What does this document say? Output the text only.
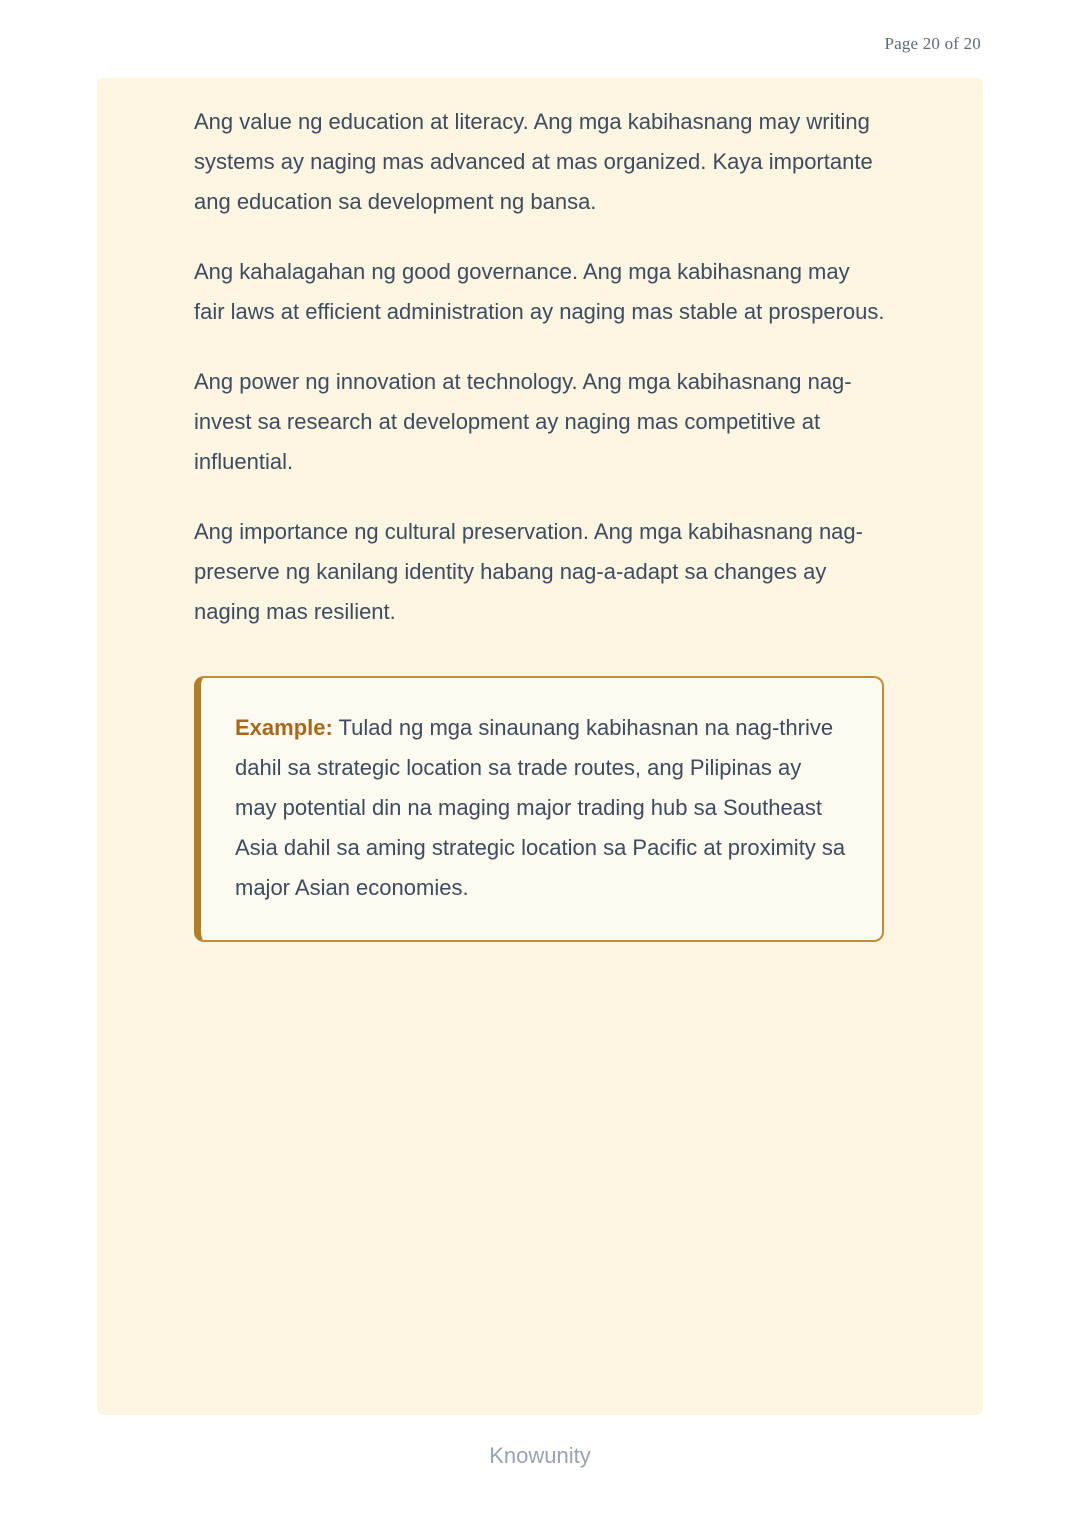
Page 20 of 20

Ang value ng education at literacy. Ang mga kabihasnang may writing systems ay naging mas advanced at mas organized. Kaya importante ang education sa development ng bansa.

Ang kahalagahan ng good governance. Ang mga kabihasnang may fair laws at efficient administration ay naging mas stable at prosperous.

Ang power ng innovation at technology. Ang mga kabihasnang nag-invest sa research at development ay naging mas competitive at influential.

Ang importance ng cultural preservation. Ang mga kabihasnang nag-preserve ng kanilang identity habang nag-a-adapt sa changes ay naging mas resilient.

Example: Tulad ng mga sinaunang kabihasnan na nag-thrive dahil sa strategic location sa trade routes, ang Pilipinas ay may potential din na maging major trading hub sa Southeast Asia dahil sa aming strategic location sa Pacific at proximity sa major Asian economies.
Knowunity
